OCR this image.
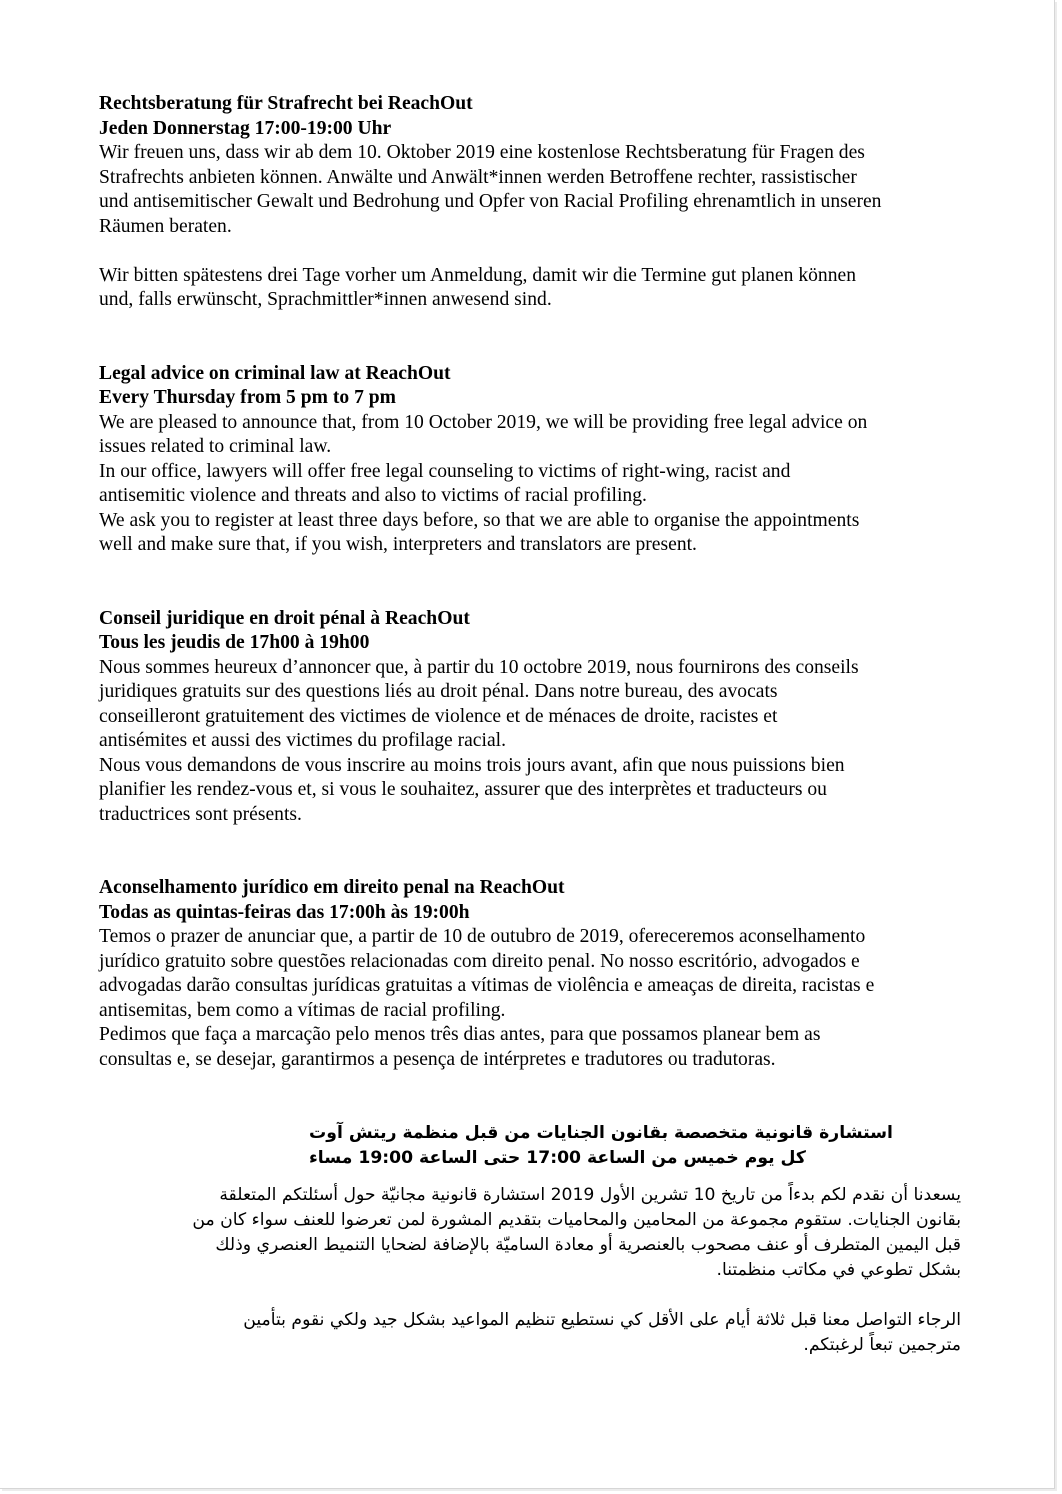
Rechtsberatung für Strafrecht bei ReachOut

Jeden Donnerstag 17:00-19:00 Uhr

Wir freuen uns, dass wir ab dem 10. Oktober 2019 eine kostenlose Rechtsberatung für Fragen des

Strafrechts anbieten können. Anwälte und Anwält*innen werden Betroffene rechter, rassistischer

und antisemitischer Gewalt und Bedrohung und Opfer von Racial Profiling ehrenamtlich in unseren

Räumen beraten.

Wir bitten spätestens drei Tage vorher um Anmeldung, damit wir die Termine gut planen können

und, falls erwünscht, Sprachmittler*innen anwesend sind.

Legal advice on criminal law at ReachOut

Every Thursday from 5 pm to 7 pm

We are pleased to announce that, from 10 October 2019, we will be providing free legal advice on

issues related to criminal law.

In our office, lawyers will offer free legal counseling to victims of right-wing, racist and

antisemitic violence and threats and also to victims of racial profiling.

We ask you to register at least three days before, so that we are able to organise the appointments

well and make sure that, if you wish, interpreters and translators are present.

Conseil juridique en droit pénal à ReachOut

Tous les jeudis de 17h00 à 19h00

Nous sommes heureux d’annoncer que, à partir du 10 octobre 2019, nous fournirons des conseils

juridiques gratuits sur des questions liés au droit pénal. Dans notre bureau, des avocats

conseilleront gratuitement des victimes de violence et de ménaces de droite, racistes et

antisémites et aussi des victimes du profilage racial.

Nous vous demandons de vous inscrire au moins trois jours avant, afin que nous puissions bien

planifier les rendez-vous et, si vous le souhaitez, assurer que des interprètes et traducteurs ou

traductrices sont présents.

Aconselhamento jurídico em direito penal na ReachOut

Todas as quintas-feiras das 17:00h às 19:00h

Temos o prazer de anunciar que, a partir de 10 de outubro de 2019, ofereceremos aconselhamento

jurídico gratuito sobre questões relacionadas com direito penal. No nosso escritório, advogados e

advogadas darão consultas jurídicas gratuitas a vítimas de violência e ameaças de direita, racistas e

antisemitas, bem como a vítimas de racial profiling.

Pedimos que faça a marcação pelo menos três dias antes, para que possamos planear bem as

consultas e, se desejar, garantirmos a pesença de intérpretes e tradutores ou tradutoras.

استشارة قانونية متخصصة بقانون الجنايات من قبل منظمة ريتش آوت

كل يوم خميس من الساعة 17:00 حتى الساعة 19:00 مساء

يسعدنا أن نقدم لكم بدءاً من تاريخ 10 تشرين الأول 2019 استشارة قانونية مجانيّة حول أسئلتكم المتعلقة

بقانون الجنايات. ستقوم مجموعة من المحامين والمحاميات بتقديم المشورة لمن تعرضوا للعنف سواء كان من

قبل اليمين المتطرف أو عنف مصحوب بالعنصرية أو معادة الساميّة بالإضافة لضحايا التنميط العنصري وذلك

بشكل تطوعي في مكاتب منظمتنا.

الرجاء التواصل معنا قبل ثلاثة أيام على الأقل كي نستطيع تنظيم المواعيد بشكل جيد ولكي نقوم بتأمين

مترجمين تبعاً لرغبتكم.
